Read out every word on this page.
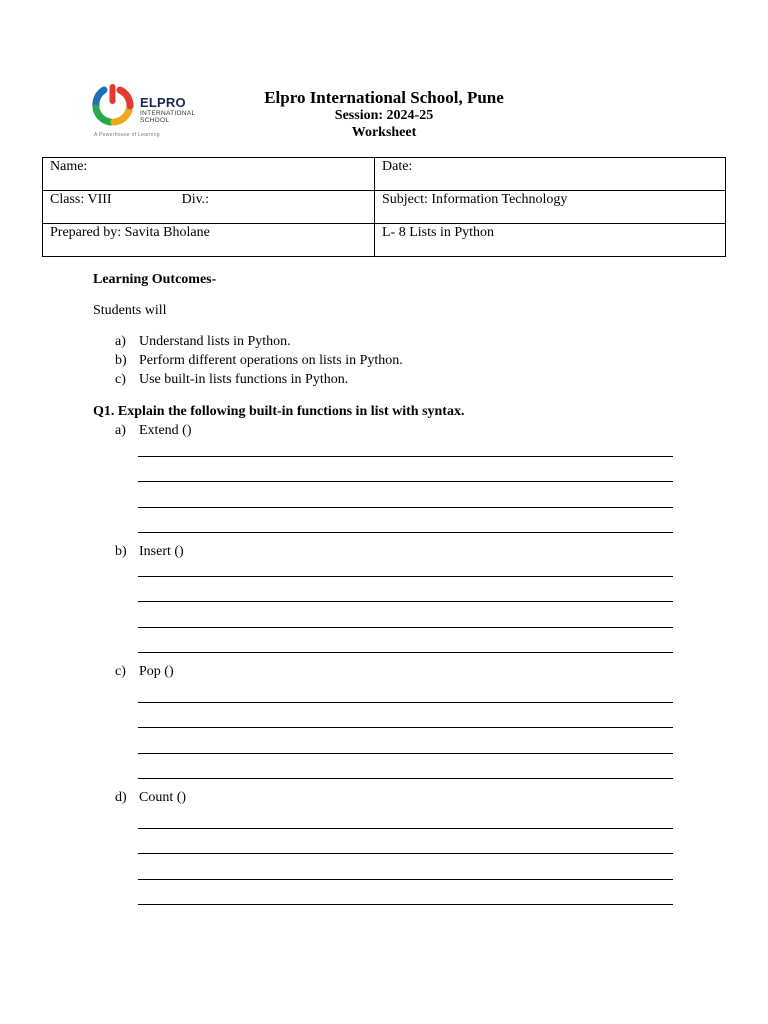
ELPRO
INTERNATIONAL SCHOOL
A Powerhouse of Learning
Elpro International School, Pune
Session: 2024-25
Worksheet
Name:	Date:
Class: VIII Div.:	Subject: Information Technology
Prepared by: Savita Bholane	L- 8 Lists in Python
Learning Outcomes-
Students will
a) Understand lists in Python.
b) Perform different operations on lists in Python.
c) Use built-in lists functions in Python.
Q1. Explain the following built-in functions in list with syntax.
a) Extend ()
b) Insert ()
c) Pop ()
d) Count ()
